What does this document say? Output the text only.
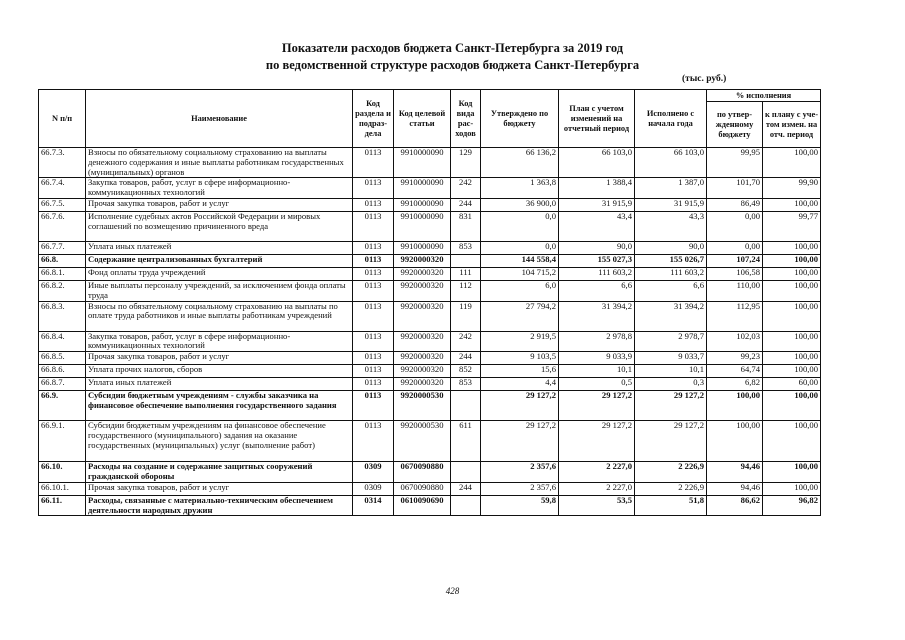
Показатели расходов бюджета Санкт-Петербурга за 2019 год
по ведомственной структуре расходов бюджета Санкт-Петербурга
(тыс. руб.)
N п/п	Наименование	Код раздела и подраз-дела	Код целевой статьи	Код вида рас-ходов	Утверждено по бюджету	План с учетом изменений на отчетный период	Исполнено с начала года	% исполнения	
								по утвер-жденному бюджету	к плану с уче-том измен. на отч. период
66.7.3.	Взносы по обязательному социальному страхованию на выплаты денежного содержания и иные выплаты работникам государственных (муниципальных) органов	0113	9910000090	129	66 136,2	66 103,0	66 103,0	99,95	100,00
66.7.4.	Закупка товаров, работ, услуг в сфере информационно-коммуникационных технологий	0113	9910000090	242	1 363,8	1 388,4	1 387,0	101,70	99,90
66.7.5.	Прочая закупка товаров, работ и услуг	0113	9910000090	244	36 900,0	31 915,9	31 915,9	86,49	100,00
66.7.6.	Исполнение судебных актов Российской Федерации и мировых соглашений по возмещению причиненного вреда	0113	9910000090	831	0,0	43,4	43,3	0,00	99,77
66.7.7.	Уплата иных платежей	0113	9910000090	853	0,0	90,0	90,0	0,00	100,00
66.8.	Содержание централизованных бухгалтерий	0113	9920000320		144 558,4	155 027,3	155 026,7	107,24	100,00
66.8.1.	Фонд оплаты труда учреждений	0113	9920000320	111	104 715,2	111 603,2	111 603,2	106,58	100,00
66.8.2.	Иные выплаты персоналу учреждений, за исключением фонда оплаты труда	0113	9920000320	112	6,0	6,6	6,6	110,00	100,00
66.8.3.	Взносы по обязательному социальному страхованию на выплаты по оплате труда работников и иные выплаты работникам учреждений	0113	9920000320	119	27 794,2	31 394,2	31 394,2	112,95	100,00
66.8.4.	Закупка товаров, работ, услуг в сфере информационно-коммуникационных технологий	0113	9920000320	242	2 919,5	2 978,8	2 978,7	102,03	100,00
66.8.5.	Прочая закупка товаров, работ и услуг	0113	9920000320	244	9 103,5	9 033,9	9 033,7	99,23	100,00
66.8.6.	Уплата прочих налогов, сборов	0113	9920000320	852	15,6	10,1	10,1	64,74	100,00
66.8.7.	Уплата иных платежей	0113	9920000320	853	4,4	0,5	0,3	6,82	60,00
66.9.	Субсидии бюджетным учреждениям - службы заказчика на финансовое обеспечение выполнения государственного задания	0113	9920000530		29 127,2	29 127,2	29 127,2	100,00	100,00
66.9.1.	Субсидии бюджетным учреждениям на финансовое обеспечение государственного (муниципального) задания на оказание государственных (муниципальных) услуг (выполнение работ)	0113	9920000530	611	29 127,2	29 127,2	29 127,2	100,00	100,00
66.10.	Расходы на создание и содержание защитных сооружений гражданской обороны	0309	0670090880		2 357,6	2 227,0	2 226,9	94,46	100,00
66.10.1.	Прочая закупка товаров, работ и услуг	0309	0670090880	244	2 357,6	2 227,0	2 226,9	94,46	100,00
66.11.	Расходы, связанные с материально-техническим обеспечением деятельности народных дружин	0314	0610090690		59,8	53,5	51,8	86,62	96,82
428
